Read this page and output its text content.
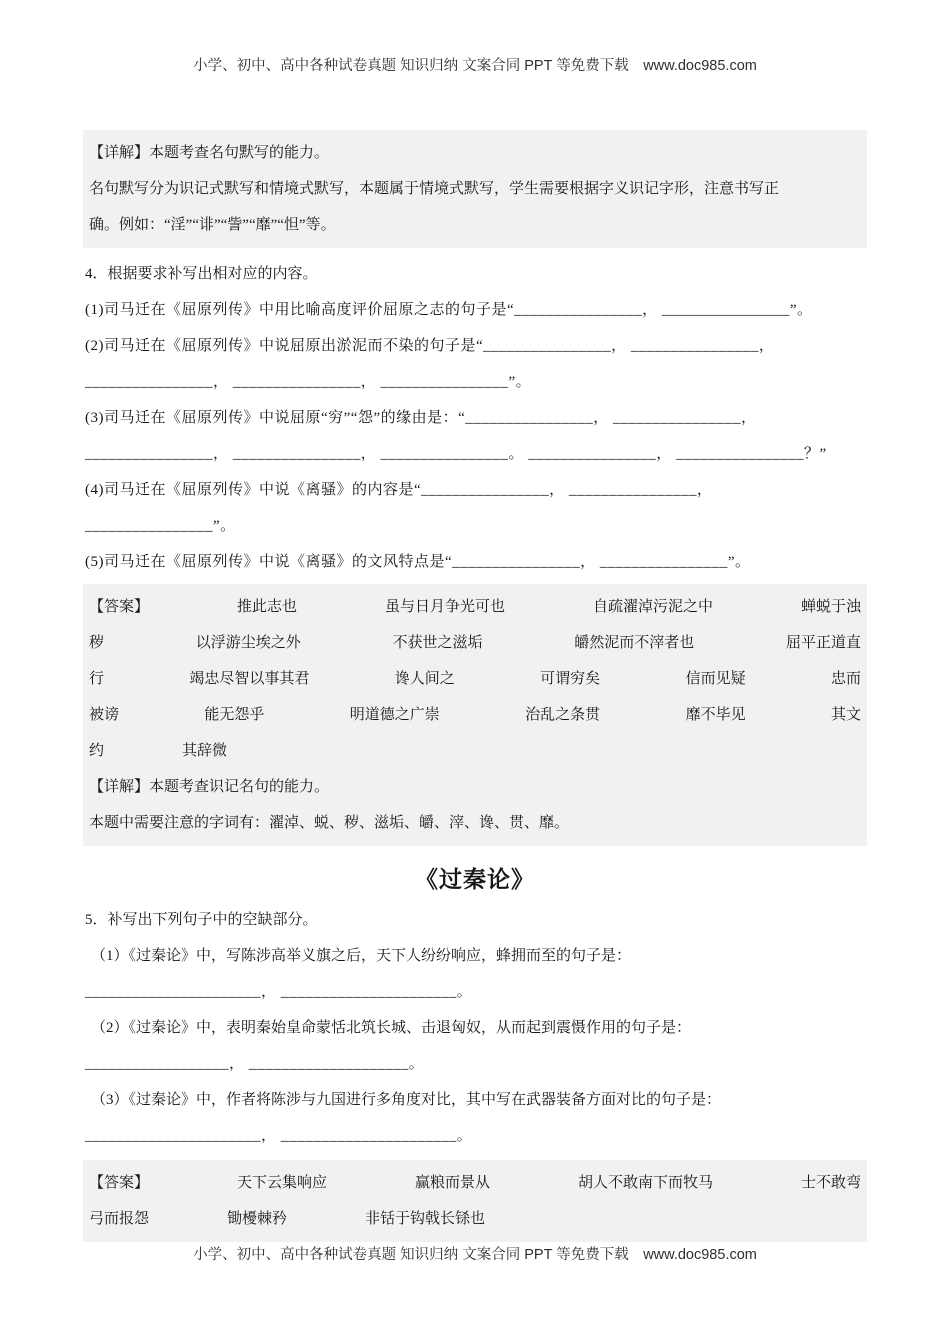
小学、初中、高中各种试卷真题 知识归纳 文案合同 PPT 等免费下载　www.doc985.com

【详解】本题考查名句默写的能力。

名句默写分为识记式默写和情境式默写，本题属于情境式默写，学生需要根据字义识记字形，注意书写正

确。例如：“淫”“诽”“訾”“靡”“怛”等。

4．根据要求补写出相对应的内容。

(1)司马迁在《屈原列传》中用比喻高度评价屈原之志的句子是“________________， ________________”。

(2)司马迁在《屈原列传》中说屈原出淤泥而不染的句子是“________________， ________________，

________________， ________________， ________________”。

(3)司马迁在《屈原列传》中说屈原“穷”“怨”的缘由是：“________________， ________________，

________________， ________________， ________________。 ________________， ________________？”

(4)司马迁在《屈原列传》中说《离骚》的内容是“________________， ________________，

________________”。

(5)司马迁在《屈原列传》中说《离骚》的文风特点是“________________， ________________”。

【答案】	推此志也	虽与日月争光可也	自疏濯淖污泥之中	蝉蜕于浊
秽	以浮游尘埃之外	不获世之滋垢	皭然泥而不滓者也	屈平正道直
行	竭忠尽智以事其君	谗人间之	可谓穷矣	信而见疑	忠而
被谤	能无怨乎	明道德之广崇	治乱之条贯	靡不毕见	其文
约	其辞微

【详解】本题考查识记名句的能力。

本题中需要注意的字词有：濯淖、蜕、秽、滋垢、皭、滓、谗、贯、靡。

《过秦论》

5．补写出下列句子中的空缺部分。

（1）《过秦论》中，写陈涉高举义旗之后，天下人纷纷响应，蜂拥而至的句子是：

______________________， ______________________。

（2）《过秦论》中，表明秦始皇命蒙恬北筑长城、击退匈奴，从而起到震慑作用的句子是：

__________________， ____________________。

（3）《过秦论》中，作者将陈涉与九国进行多角度对比，其中写在武器装备方面对比的句子是：

______________________， ______________________。

【答案】	天下云集响应	赢粮而景从	胡人不敢南下而牧马	士不敢弯
弓而报怨	锄櫌棘矜	非铦于钩戟长铩也
小学、初中、高中各种试卷真题 知识归纳 文案合同 PPT 等免费下载　www.doc985.com
